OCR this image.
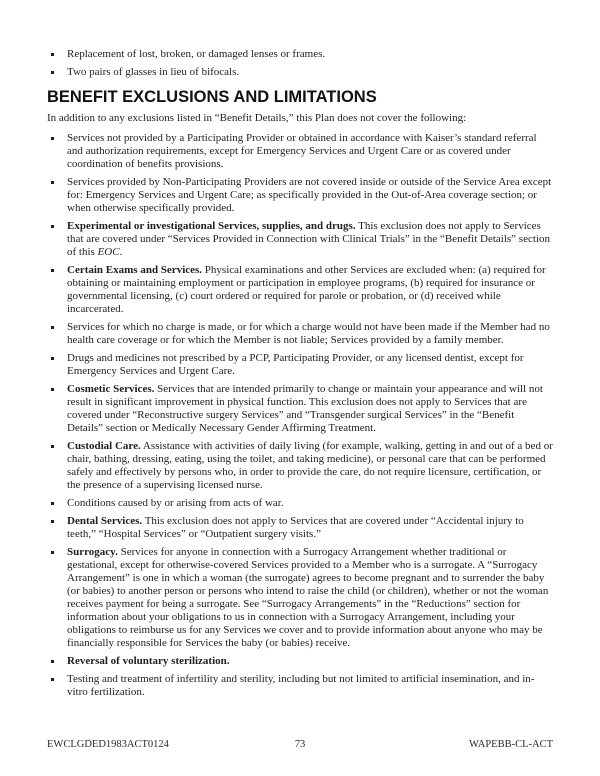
Replacement of lost, broken, or damaged lenses or frames.
Two pairs of glasses in lieu of bifocals.
BENEFIT EXCLUSIONS AND LIMITATIONS

In addition to any exclusions listed in “Benefit Details,” this Plan does not cover the following:

Services not provided by a Participating Provider or obtained in accordance with Kaiser’s standard referral and authorization requirements, except for Emergency Services and Urgent Care or as covered under coordination of benefits provisions.
Services provided by Non-Participating Providers are not covered inside or outside of the Service Area except for: Emergency Services and Urgent Care; as specifically provided in the Out-of-Area coverage section; or when otherwise specifically provided.
Experimental or investigational Services, supplies, and drugs. This exclusion does not apply to Services that are covered under “Services Provided in Connection with Clinical Trials” in the “Benefit Details” section of this EOC.
Certain Exams and Services. Physical examinations and other Services are excluded when: (a) required for obtaining or maintaining employment or participation in employee programs, (b) required for insurance or governmental licensing, (c) court ordered or required for parole or probation, or (d) received while incarcerated.
Services for which no charge is made, or for which a charge would not have been made if the Member had no health care coverage or for which the Member is not liable; Services provided by a family member.
Drugs and medicines not prescribed by a PCP, Participating Provider, or any licensed dentist, except for Emergency Services and Urgent Care.
Cosmetic Services. Services that are intended primarily to change or maintain your appearance and will not result in significant improvement in physical function. This exclusion does not apply to Services that are covered under “Reconstructive surgery Services” and “Transgender surgical Services” in the “Benefit Details” section or Medically Necessary Gender Affirming Treatment.
Custodial Care. Assistance with activities of daily living (for example, walking, getting in and out of a bed or chair, bathing, dressing, eating, using the toilet, and taking medicine), or personal care that can be performed safely and effectively by persons who, in order to provide the care, do not require licensure, certification, or the presence of a supervising licensed nurse.
Conditions caused by or arising from acts of war.
Dental Services. This exclusion does not apply to Services that are covered under “Accidental injury to teeth,” “Hospital Services” or “Outpatient surgery visits.”
Surrogacy. Services for anyone in connection with a Surrogacy Arrangement whether traditional or gestational, except for otherwise-covered Services provided to a Member who is a surrogate. A “Surrogacy Arrangement” is one in which a woman (the surrogate) agrees to become pregnant and to surrender the baby (or babies) to another person or persons who intend to raise the child (or children), whether or not the woman receives payment for being a surrogate. See “Surrogacy Arrangements” in the “Reductions” section for information about your obligations to us in connection with a Surrogacy Arrangement, including your obligations to reimburse us for any Services we cover and to provide information about anyone who may be financially responsible for Services the baby (or babies) receive.
Reversal of voluntary sterilization.
Testing and treatment of infertility and sterility, including but not limited to artificial insemination, and in-vitro fertilization.
EWCLGDED1983ACT0124	73	WAPEBB-CL-ACT
